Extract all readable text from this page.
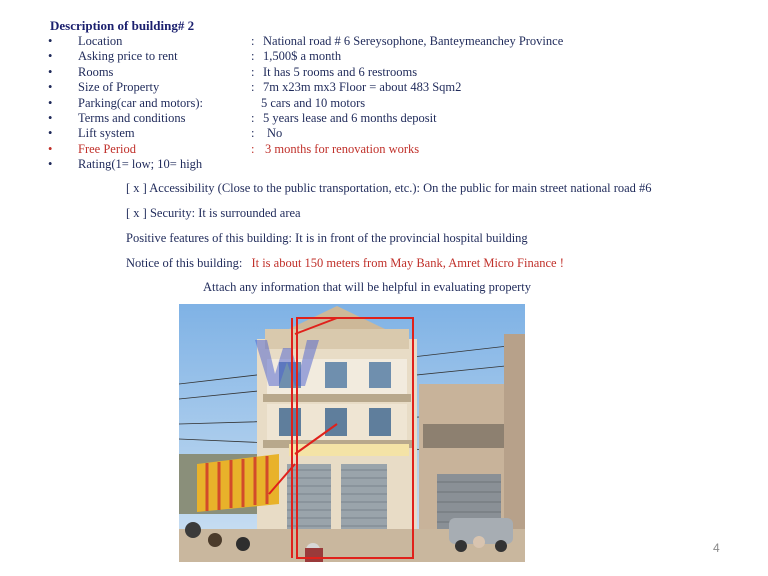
Description of building# 2
• Location	: National road # 6 Sereysophone, Banteymeanchey Province
• Asking price to rent	: 1,500$ a month
• Rooms	: It has 5 rooms and 6 restrooms
• Size of Property	: 7m x23m mx3 Floor = about 483 Sqm2
• Parking(car and motors):	5 cars and 10 motors
• Terms and conditions	: 5 years lease and 6 months deposit
• Lift system	: No
• Free Period	: 3 months for renovation works
• Rating(1= low; 10= high
[ x ] Accessibility (Close to the public transportation, etc.): On the public for main street national road #6
[ x ] Security: It is surrounded area
Positive features of this building: It is in front of the provincial hospital building
Notice of this building: It is about 150 meters from May Bank, Amret Micro Finance !
Attach any information that will be helpful in evaluating property
4
